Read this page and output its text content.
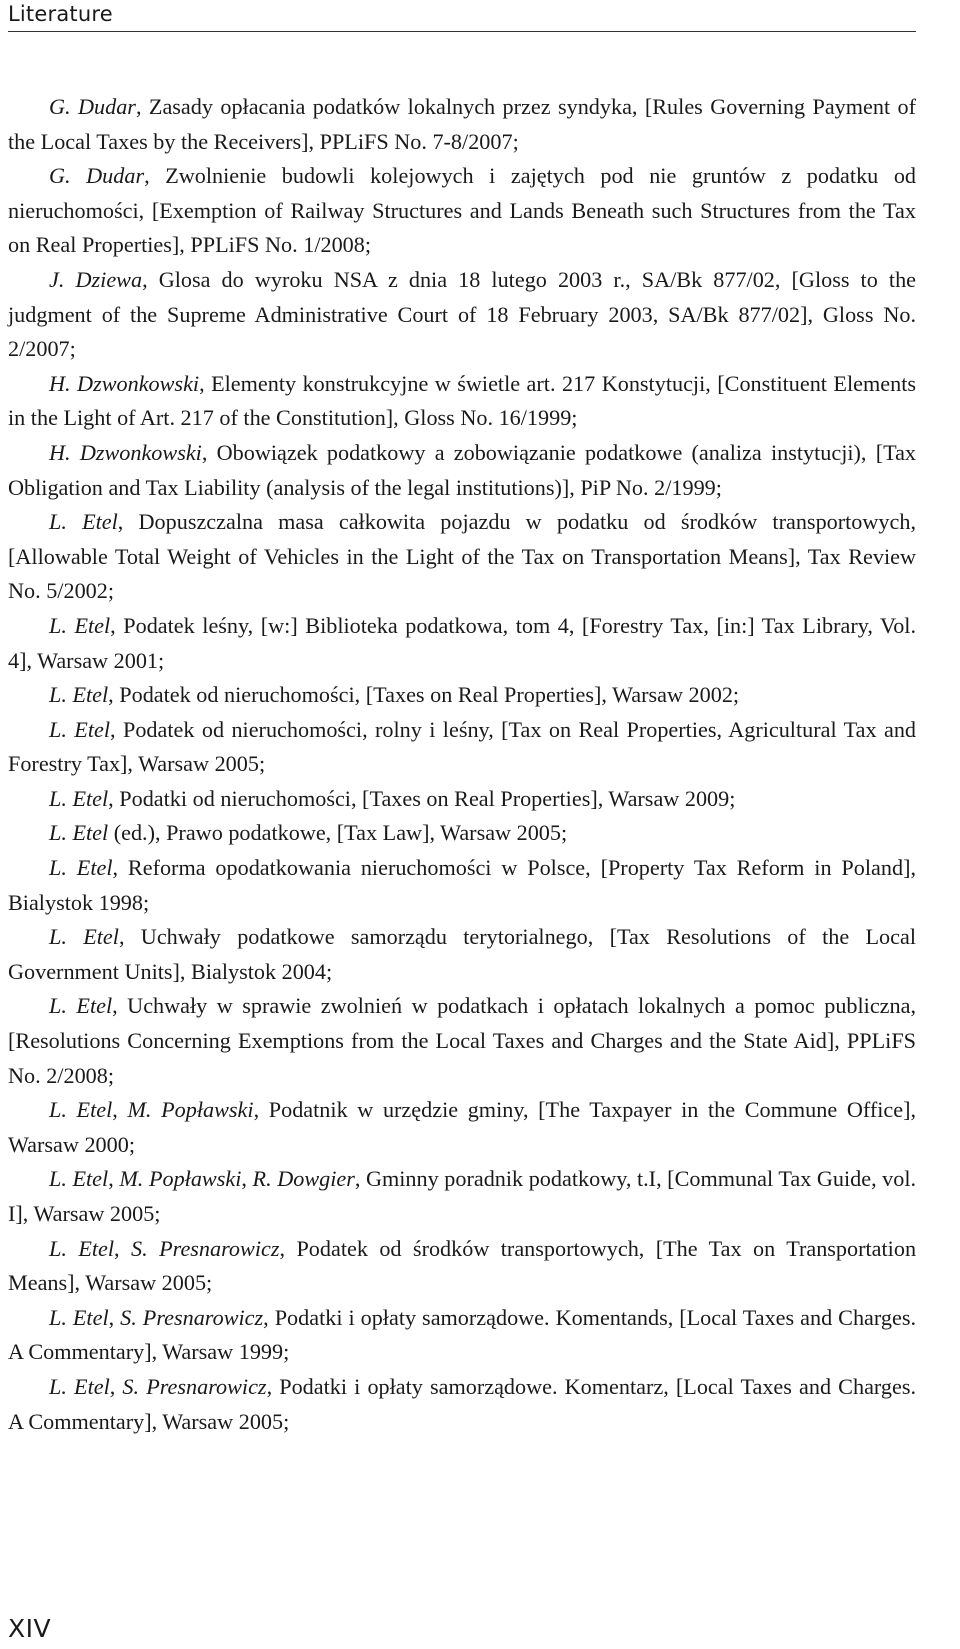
Literature

G. Dudar, Zasady opłacania podatków lokalnych przez syndyka, [Rules Governing Payment of the Local Taxes by the Receivers], PPLiFS No. 7-8/2007;

G. Dudar, Zwolnienie budowli kolejowych i zajętych pod nie gruntów z podatku od nieruchomości, [Exemption of Railway Structures and Lands Beneath such Structures from the Tax on Real Properties], PPLiFS No. 1/2008;

J. Dziewa, Glosa do wyroku NSA z dnia 18 lutego 2003 r., SA/Bk 877/02, [Gloss to the judgment of the Supreme Administrative Court of 18 February 2003, SA/Bk 877/02], Gloss No. 2/2007;

H. Dzwonkowski, Elementy konstrukcyjne w świetle art. 217 Konstytucji, [Constituent Elements in the Light of Art. 217 of the Constitution], Gloss No. 16/1999;

H. Dzwonkowski, Obowiązek podatkowy a zobowiązanie podatkowe (analiza instytucji), [Tax Obligation and Tax Liability (analysis of the legal institutions)], PiP No. 2/1999;

L. Etel, Dopuszczalna masa całkowita pojazdu w podatku od środków transportowych, [Allowable Total Weight of Vehicles in the Light of the Tax on Transportation Means], Tax Review No. 5/2002;

L. Etel, Podatek leśny, [w:] Biblioteka podatkowa, tom 4, [Forestry Tax, [in:] Tax Library, Vol. 4], Warsaw 2001;

L. Etel, Podatek od nieruchomości, [Taxes on Real Properties], Warsaw 2002;

L. Etel, Podatek od nieruchomości, rolny i leśny, [Tax on Real Properties, Agricultural Tax and Forestry Tax], Warsaw 2005;

L. Etel, Podatki od nieruchomości, [Taxes on Real Properties], Warsaw 2009;

L. Etel (ed.), Prawo podatkowe, [Tax Law], Warsaw 2005;

L. Etel, Reforma opodatkowania nieruchomości w Polsce, [Property Tax Reform in Poland], Bialystok 1998;

L. Etel, Uchwały podatkowe samorządu terytorialnego, [Tax Resolutions of the Local Government Units], Bialystok 2004;

L. Etel, Uchwały w sprawie zwolnień w podatkach i opłatach lokalnych a pomoc publiczna, [Resolutions Concerning Exemptions from the Local Taxes and Charges and the State Aid], PPLiFS No. 2/2008;

L. Etel, M. Popławski, Podatnik w urzędzie gminy, [The Taxpayer in the Commune Office], Warsaw 2000;

L. Etel, M. Popławski, R. Dowgier, Gminny poradnik podatkowy, t.I, [Communal Tax Guide, vol. I], Warsaw 2005;

L. Etel, S. Presnarowicz, Podatek od środków transportowych, [The Tax on Transportation Means], Warsaw 2005;

L. Etel, S. Presnarowicz, Podatki i opłaty samorządowe. Komentands, [Local Taxes and Charges. A Commentary], Warsaw 1999;

L. Etel, S. Presnarowicz, Podatki i opłaty samorządowe. Komentarz, [Local Taxes and Charges. A Commentary], Warsaw 2005;

XIV
